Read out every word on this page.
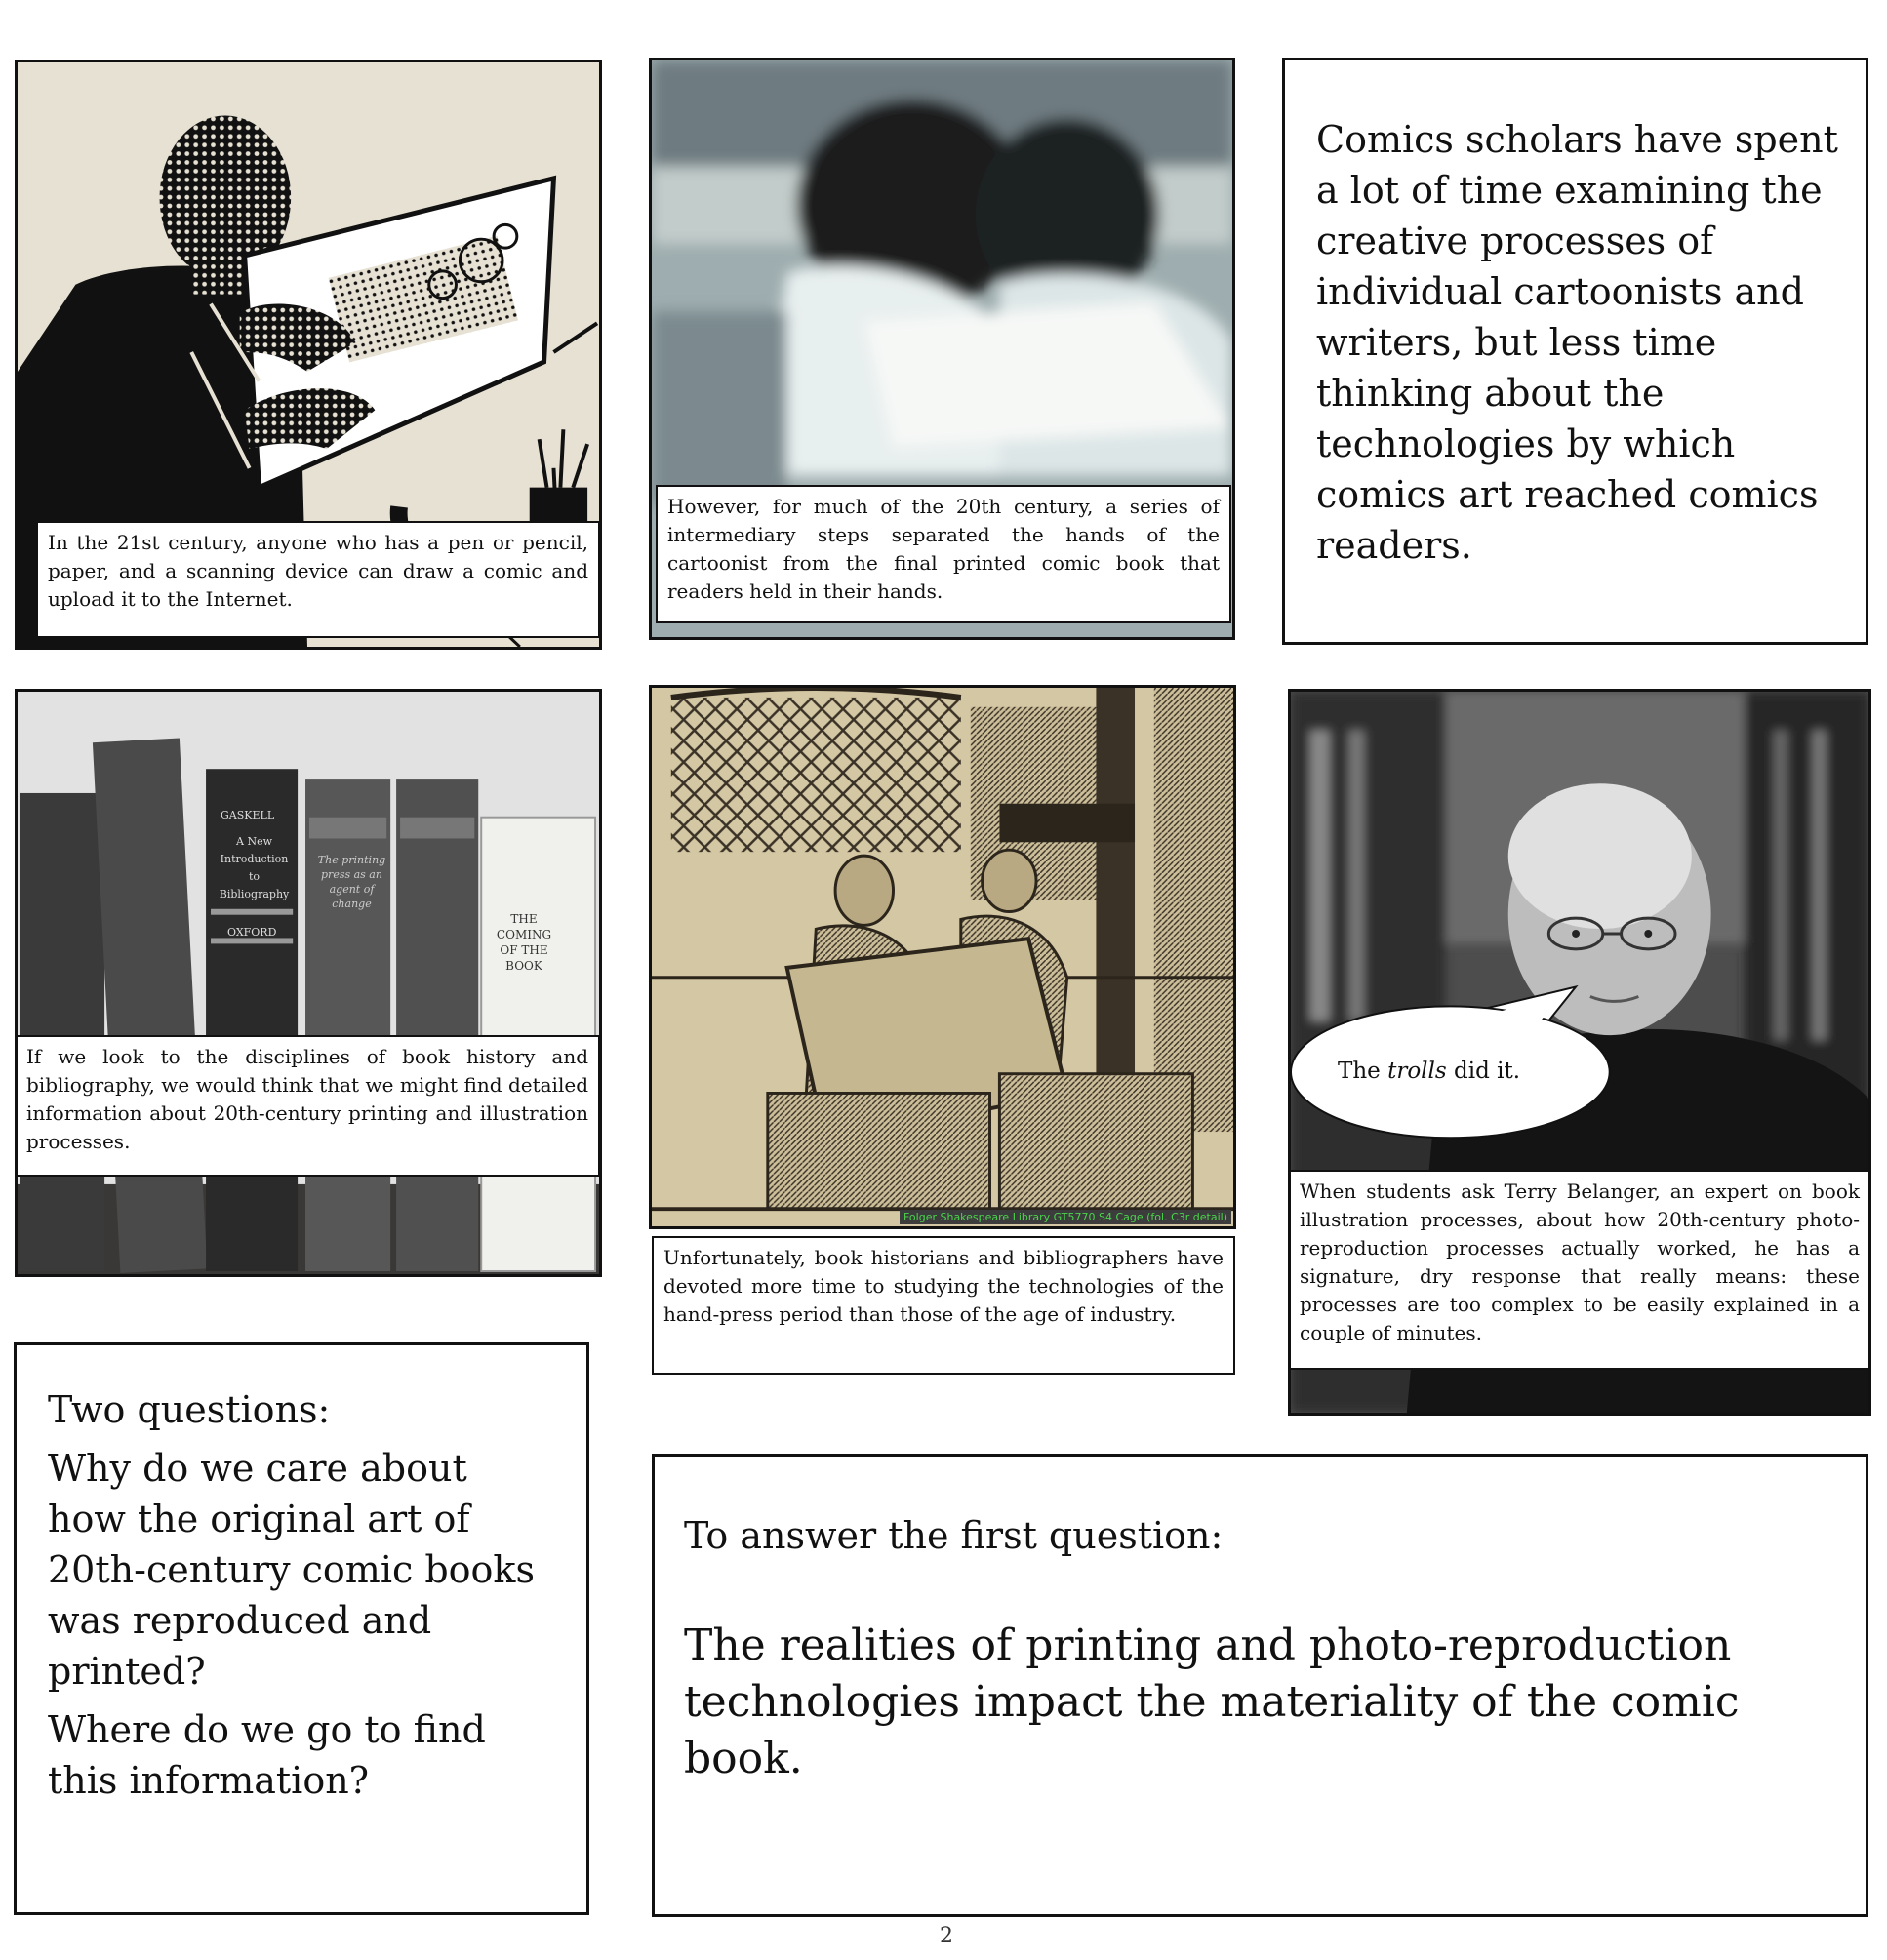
In the 21st century, anyone who has a pen or pencil, paper, and a scanning device can draw a comic and upload it to the Internet.
However, for much of the 20th century, a series of intermediary steps separated the hands of the cartoonist from the final printed comic book that readers held in their hands.
Comics scholars have spent a lot of time examining the creative processes of individual cartoonists and writers, but less time thinking about the technologies by which comics art reached comics readers.
GASKELL
A New Introduction to Bibliography
OXFORD
The printing press as an agent of change
THE COMING OF THE BOOK
If we look to the disciplines of book history and bibliography, we would think that we might find detailed information about 20th-century printing and illustration processes.
Folger Shakespeare Library GT5770 S4 Cage (fol. C3r detail)
Unfortunately, book historians and bibliographers have devoted more time to studying the technologies of the hand-press period than those of the age of industry.
The trolls did it.
When students ask Terry Belanger, an expert on book illustration processes, about how 20th-century photo-reproduction processes actually worked, he has a signature, dry response that really means: these processes are too complex to be easily explained in a couple of minutes.
Two questions:
Why do we care about how the original art of 20th-century comic books was reproduced and printed?
Where do we go to find this information?
To answer the first question:
The realities of printing and photo-reproduction technologies impact the materiality of the comic book.
2
